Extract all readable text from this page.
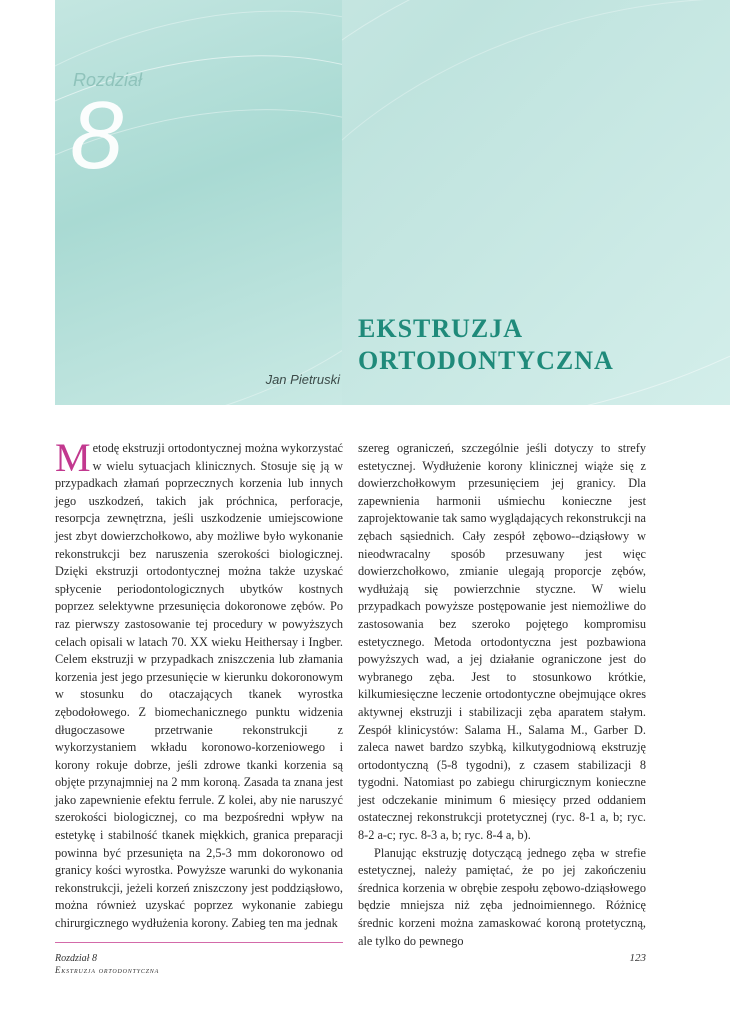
Rozdział
8
Jan Pietruski
EKSTRUZJA
ORTODONTYCZNA

Metodę ekstruzji ortodontycznej można wykorzystać w wielu sytuacjach klinicznych. Stosuje się ją w przypadkach złamań poprzecznych korzenia lub innych jego uszkodzeń, takich jak próchnica, perforacje, resorpcja zewnętrzna, jeśli uszkodzenie umiejscowione jest zbyt dowierzchołkowo, aby możliwe było wykonanie rekonstrukcji bez naruszenia szerokości biologicznej. Dzięki ekstruzji ortodontycznej można także uzyskać spłycenie periodontologicznych ubytków kostnych poprzez selektywne przesunięcia dokoronowe zębów. Po raz pierwszy zastosowanie tej procedury w powyższych celach opisali w latach 70. XX wieku Heithersay i Ingber. Celem ekstruzji w przypadkach zniszczenia lub złamania korzenia jest jego przesunięcie w kierunku dokoronowym w stosunku do otaczających tkanek wyrostka zębodołowego. Z biomechanicznego punktu widzenia długoczasowe przetrwanie rekonstrukcji z wykorzystaniem wkładu koronowo-korzeniowego i korony rokuje dobrze, jeśli zdrowe tkanki korzenia są objęte przynajmniej na 2 mm koroną. Zasada ta znana jest jako zapewnienie efektu ferrule. Z kolei, aby nie naruszyć szerokości biologicznej, co ma bezpośredni wpływ na estetykę i stabilność tkanek miękkich, granica preparacji powinna być przesunięta na 2,5-3 mm dokoronowo od granicy kości wyrostka. Powyższe warunki do wykonania rekonstrukcji, jeżeli korzeń zniszczony jest poddziąsłowo, można również uzyskać poprzez wykonanie zabiegu chirurgicznego wydłużenia korony. Zabieg ten ma jednak

szereg ograniczeń, szczególnie jeśli dotyczy to strefy estetycznej. Wydłużenie korony klinicznej wiąże się z dowierzchołkowym przesunięciem jej granicy. Dla zapewnienia harmonii uśmiechu konieczne jest zaprojektowanie tak samo wyglądających rekonstrukcji na zębach sąsiednich. Cały zespół zębowo--dziąsłowy w nieodwracalny sposób przesuwany jest więc dowierzchołkowo, zmianie ulegają proporcje zębów, wydłużają się powierzchnie styczne. W wielu przypadkach powyższe postępowanie jest niemożliwe do zastosowania bez szeroko pojętego kompromisu estetycznego. Metoda ortodontyczna jest pozbawiona powyższych wad, a jej działanie ograniczone jest do wybranego zęba. Jest to stosunkowo krótkie, kilkumiesięczne leczenie ortodontyczne obejmujące okres aktywnej ekstruzji i stabilizacji zęba aparatem stałym. Zespół klinicystów: Salama H., Salama M., Garber D. zaleca nawet bardzo szybką, kilkutygodniową ekstruzję ortodontyczną (5-8 tygodni), z czasem stabilizacji 8 tygodni. Natomiast po zabiegu chirurgicznym konieczne jest odczekanie minimum 6 miesięcy przed oddaniem ostatecznej rekonstrukcji protetycznej (ryc. 8-1 a, b; ryc. 8-2 a-c; ryc. 8-3 a, b; ryc. 8-4 a, b).

Planując ekstruzję dotyczącą jednego zęba w strefie estetycznej, należy pamiętać, że po jej zakończeniu średnica korzenia w obrębie zespołu zębowo-dziąsłowego będzie mniejsza niż zęba jednoimiennego. Różnicę średnic korzeni można zamaskować koroną protetyczną, ale tylko do pewnego

Rozdział 8
Ekstruzja ortodontyczna
123
